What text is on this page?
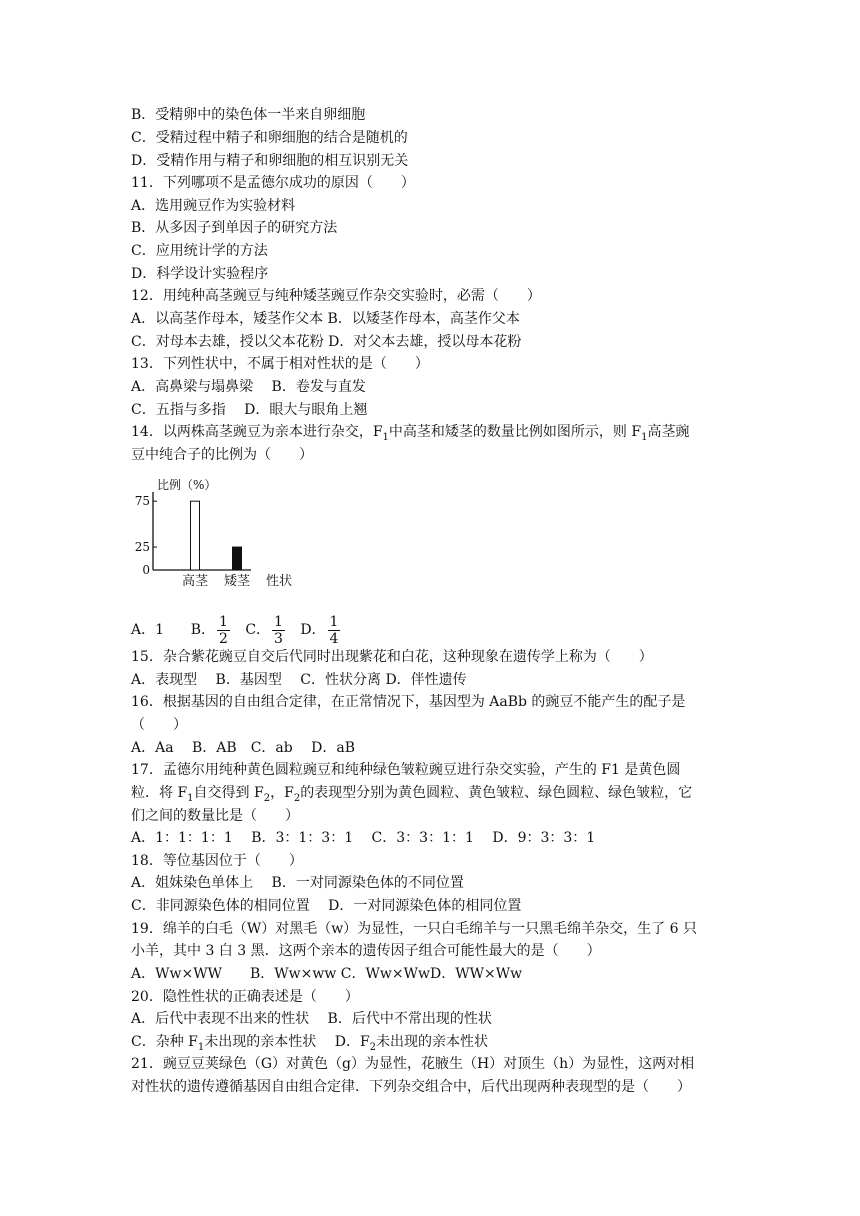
B．受精卵中的染色体一半来自卵细胞
C．受精过程中精子和卵细胞的结合是随机的
D．受精作用与精子和卵细胞的相互识别无关
11．下列哪项不是孟德尔成功的原因（　　）
A．选用豌豆作为实验材料
B．从多因子到单因子的研究方法
C．应用统计学的方法
D．科学设计实验程序
12．用纯种高茎豌豆与纯种矮茎豌豆作杂交实验时，必需（　　）
A．以高茎作母本，矮茎作父本 B．以矮茎作母本，高茎作父本
C．对母本去雄，授以父本花粉 D．对父本去雄，授以母本花粉
13．下列性状中，不属于相对性状的是（　　）
A．高鼻梁与塌鼻梁　 B．卷发与直发
C．五指与多指　 D．眼大与眼角上翘
14．以两株高茎豌豆为亲本进行杂交，$F_1$中高茎和矮茎的数量比例如图所示，则 $F_1$高茎豌
豆中纯合子的比例为（　　）
比例（%）
0
25
75
高茎 矮茎 性状
A．1 B． $\frac{1}{2}$ C． $\frac{1}{3}$ D． $\frac{1}{4}$
15．杂合紫花豌豆自交后代同时出现紫花和白花，这种现象在遗传学上称为（　　）
A．表现型　 B．基因型　 C．性状分离 D．伴性遗传
16．根据基因的自由组合定律，在正常情况下，基因型为 AaBb 的豌豆不能产生的配子是
（　　）
A．Aa　 B．AB　C．ab　 D．aB
17．孟德尔用纯种黄色圆粒豌豆和纯种绿色皱粒豌豆进行杂交实验，产生的 F1 是黄色圆
粒．将 $F_1$自交得到 $F_2$，$F_2$的表现型分别为黄色圆粒、黄色皱粒、绿色圆粒、绿色皱粒，它
们之间的数量比是（　　）
A．1：1：1：1　 B．3：1：3：1　 C．3：3：1：1　 D．9：3：3：1
18．等位基因位于（　　）
A．姐妹染色单体上　 B．一对同源染色体的不同位置
C．非同源染色体的相同位置　 D．一对同源染色体的相同位置
19．绵羊的白毛（W）对黑毛（w）为显性，一只白毛绵羊与一只黑毛绵羊杂交，生了 6 只
小羊，其中 3 白 3 黑．这两个亲本的遗传因子组合可能性最大的是（　　）
A．Ww×WW　　B．Ww×ww C．Ww×WwD．WW×Ww
20．隐性性状的正确表述是（　　）
A．后代中表现不出来的性状　 B．后代中不常出现的性状
C．杂种 $F_1$未出现的亲本性状　 D．$F_2$未出现的亲本性状
21．豌豆豆荚绿色（G）对黄色（g）为显性，花腋生（H）对顶生（h）为显性，这两对相
对性状的遗传遵循基因自由组合定律．下列杂交组合中，后代出现两种表现型的是（　　）
